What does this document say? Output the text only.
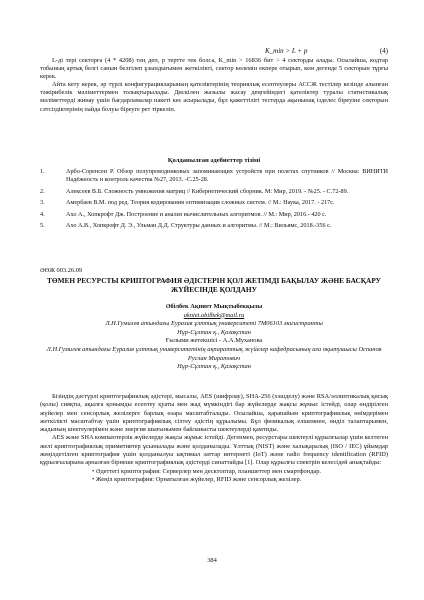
K_min > L + p	(4)

L-ді тері секторға (4 * 4208) тең деп, р тертте тек болса, K_min > 16836 бит > 4 секторды алады. Осылайша, кодтар тобының артық белгі санын белгілеп ұзындығымен жеткілікті, сектор көлемін екпере отырып, кем дегенде 5 секторын тұрғы керек.

Айта кету керек, әр түрлі конфигурацияларының қателіктерінің теориялық есептеулеры АССЖ тестілер кезінде алынған тәжірибелік мәліметтермен толықтырылады. Дискілен жазылы жасау деңгейіндегі қателіктер туралы статистикалық мәліметтерді жинау үшін бағдарламалар пакеті кеє асырылады, бұл қажеттілігі тестерда ақынынақ ізделес біреуіне секторын сәтсіздіктерінің пайда болуы біреуге рет тіркеліп.

Қолданылған әдебиеттер тізімі
1.	Арбо-Соренсен Р. Обзор полупроводниковых запоминающих устройств при полетах спутников // Москва: ВИНИТИ Надёжность и контроль качества №27, 2013. -С.25-28.
2.	Алексеев В.Б. Сложность умножения матриц // Кибернетический сборник. М: Мир, 2019. - №25. - С.72-89.
3.	Амербаев В.М. под ред. Теория кодирования оптимизация сложных систем. // М.: Наука, 2017. - 217с.
4.	Ахо А., Хопкрофт Дж. Построение и анализ вычислительных алгоритмов. // М.: Мир, 2016.- 420 с.
5.	Ахо А.В., Хопкрофт Д. Э., Ульман Д.Д. Структуры данных и алгоритмы. // М.: Вильямс, 2018.-356 с.
ӘӨЖ 003.26.09
ТӨМЕН РЕСУРСТЫ КРИПТОГРАФИЯ ӘДІСТЕРІН ҚОЛ ЖЕТІМДІ БАҚЫЛАУ ЖӘНЕ БАСҚАРУ ЖҮЙЕСІНДЕ ҚОЛДАНУ
Әбілбек Ақниет Мықтыбекқызы
akniet.abilbek@mail.ru
Л.Н.Гумилев атындағы Еуразия ұлттық университеті 7М06103 магистранты
Нұр-Сұлтан қ., Қазақстан
Ғылыми жетекшісі - А.А.Муханова
Л.Н.Гумилев атындағы Еуразия ұлттық университетінің ақпараттық жүйелер кафедрасының аға оқытушысы Оспанов Руслан Миратович
Нұр-Сұлтан қ., Қазақстан

Бізіндің дәстүрлі криптографиялық әдістері, мысалы, AES (шифрлау), SHA-256 (хэшделу) және RSA/эллиптикалық қисық (қолы) сияқты, ақылға қонымды есептеу қуаты мен жад мүмкіндігі бар жүйелерде жақсы жұмыс істейді, олар өндірілген жүйелер мен сенсорлық желілерге барлық өзара масштабталады. Осылайша, қарапайым криптографиялық өнімдерімен жеткілікті масштабтау үшін криптографиялық сілтеу әдістің құрылымы. Бұл физикалық елшемнен, өнділ талаптарымен, жадының шектеулерімен және энергия шығынымен байланысты шектеулерді қамтиды.

AES және SHA компьютерлік жүйелерде жақсы жұмыс істейді. Дегенмен, ресурстары шектеулі құрылғылар үшін келтеген желі криптографиялық примитивтер ұсынылады және қолданылады. Ұлттық (NIST) және халықаралық (ISO / IEC) ұйымдар жеңілдетілген криптография үшін қолданылуы ықтимал заттар интернеті (IoT) және radio frequency identification (RFID) құрылғыларына арналған бірнеше криптографиялық әдістерді сипаттайды [1]. Олар құрылғы спектрін келесідей анықтайды:

• Әдеттегі криптография: Серверлер мен десктоптар, планшеттер мен смартфондар.
• Жеңіл криптография: Орнатылған жүйелер, RFID және сенсорлық желілер.
384
